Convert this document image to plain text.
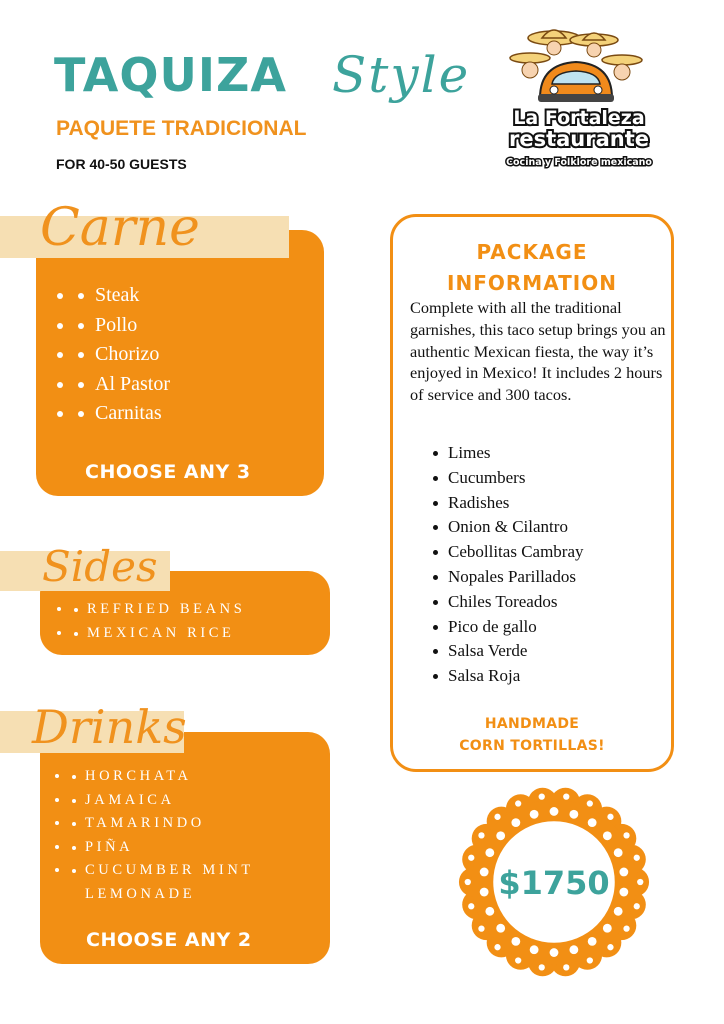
TAQUIZA Style
PAQUETE TRADICIONAL
FOR 40-50 GUESTS
La Fortaleza
restaurante
Cocina y Folklore mexicano
Carne
• Steak
• Pollo
• Chorizo
• Al Pastor
• Carnitas
CHOOSE ANY 3
Sides
• REFRIED BEANS
• MEXICAN RICE
Drinks
• HORCHATA
• JAMAICA
• TAMARINDO
• PIÑA
• CUCUMBER MINT
LEMONADE
CHOOSE ANY 2
PACKAGE
INFORMATION
Complete with all the traditional garnishes, this taco setup brings you an authentic Mexican fiesta, the way it’s enjoyed in Mexico! It includes 2 hours of service and 300 tacos.
Limes
Cucumbers
Radishes
Onion & Cilantro
Cebollitas Cambray
Nopales Parillados
Chiles Toreados
Pico de gallo
Salsa Verde
Salsa Roja
HANDMADE
CORN TORTILLAS!
$1750
